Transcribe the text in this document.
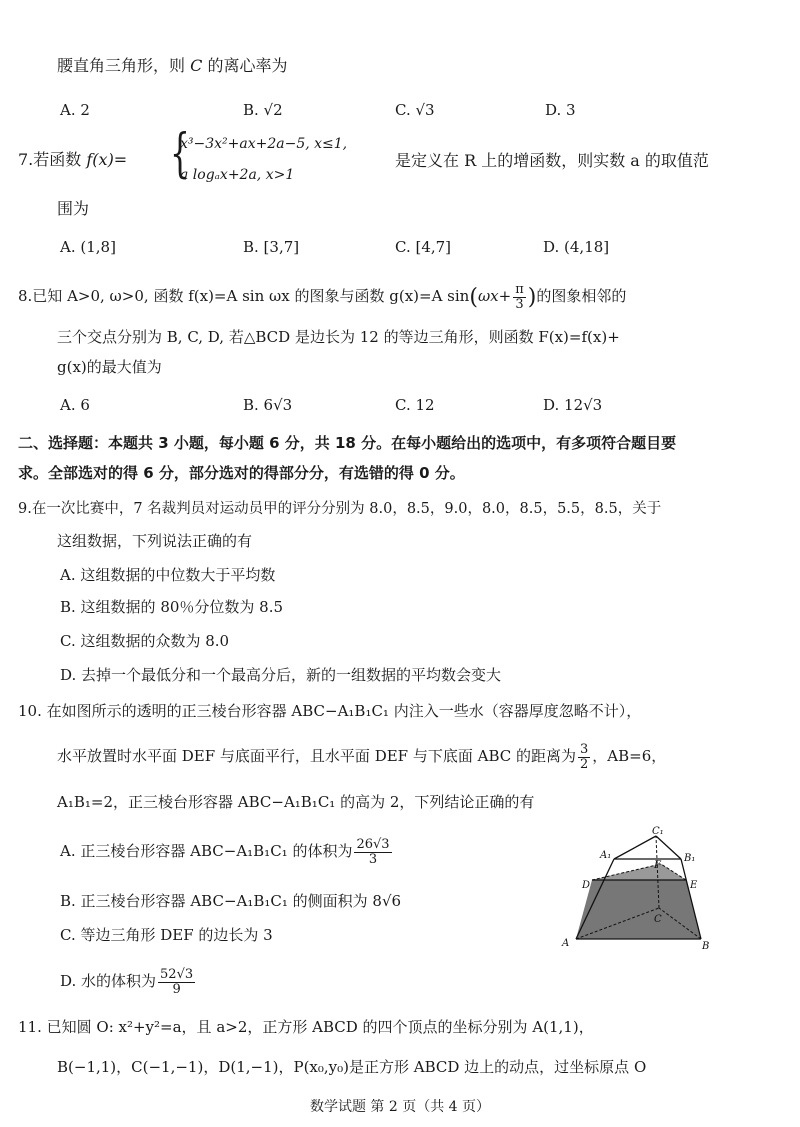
腰直角三角形，则 C 的离心率为
A. 2	B. √2	C. √3	D. 3
7.若函数 f(x)= {
x³−3x²+ax+2a−5, x≤1,
a logₐx+2a, x>1
是定义在 R 上的增函数，则实数 a 的取值范
围为
A. (1,8]	B. [3,7]	C. [4,7]	D. (4,18]
8.已知 A>0, ω>0, 函数 f(x)=A sin ωx 的图象与函数 g(x)=A $\sin(\omega x+ \frac{\pi}{3}$ )的图象相邻的
三个交点分别为 B, C, D, 若△BCD 是边长为 12 的等边三角形，则函数 F(x)=f(x)+
g(x)的最大值为
A. 6	B. 6√3	C. 12	D. 12√3
二、选择题：本题共 3 小题，每小题 6 分，共 18 分。在每小题给出的选项中，有多项符合题目要
求。全部选对的得 6 分，部分选对的得部分分，有选错的得 0 分。
9.在一次比赛中，7 名裁判员对运动员甲的评分分别为 8.0，8.5，9.0，8.0，8.5，5.5，8.5，关于
这组数据，下列说法正确的有
A. 这组数据的中位数大于平均数
B. 这组数据的 80％分位数为 8.5
C. 这组数据的众数为 8.0
D. 去掉一个最低分和一个最高分后，新的一组数据的平均数会变大
10. 在如图所示的透明的正三棱台形容器 ABC−A₁B₁C₁ 内注入一些水（容器厚度忽略不计），
水平放置时水平面 DEF 与底面平行，且水平面 DEF 与下底面 ABC 的距离为 $\frac{3}{2}$ ，AB=6，
A₁B₁=2，正三棱台形容器 ABC−A₁B₁C₁ 的高为 2，下列结论正确的有
A. 正三棱台形容器 ABC−A₁B₁C₁ 的体积为 $\frac{26√3}{3}$
B. 正三棱台形容器 ABC−A₁B₁C₁ 的侧面积为 8√6
C. 等边三角形 DEF 的边长为 3
D. 水的体积为 $\frac{52√3}{9}$
C₁
A₁
F
B₁
D	E
C
A	B
11. 已知圆 O: x²+y²=a，且 a>2，正方形 ABCD 的四个顶点的坐标分别为 A(1,1)，
B(−1,1)，C(−1,−1)，D(1,−1)，P(x₀,y₀)是正方形 ABCD 边上的动点，过坐标原点 O
数学试题 第 2 页（共 4 页）
